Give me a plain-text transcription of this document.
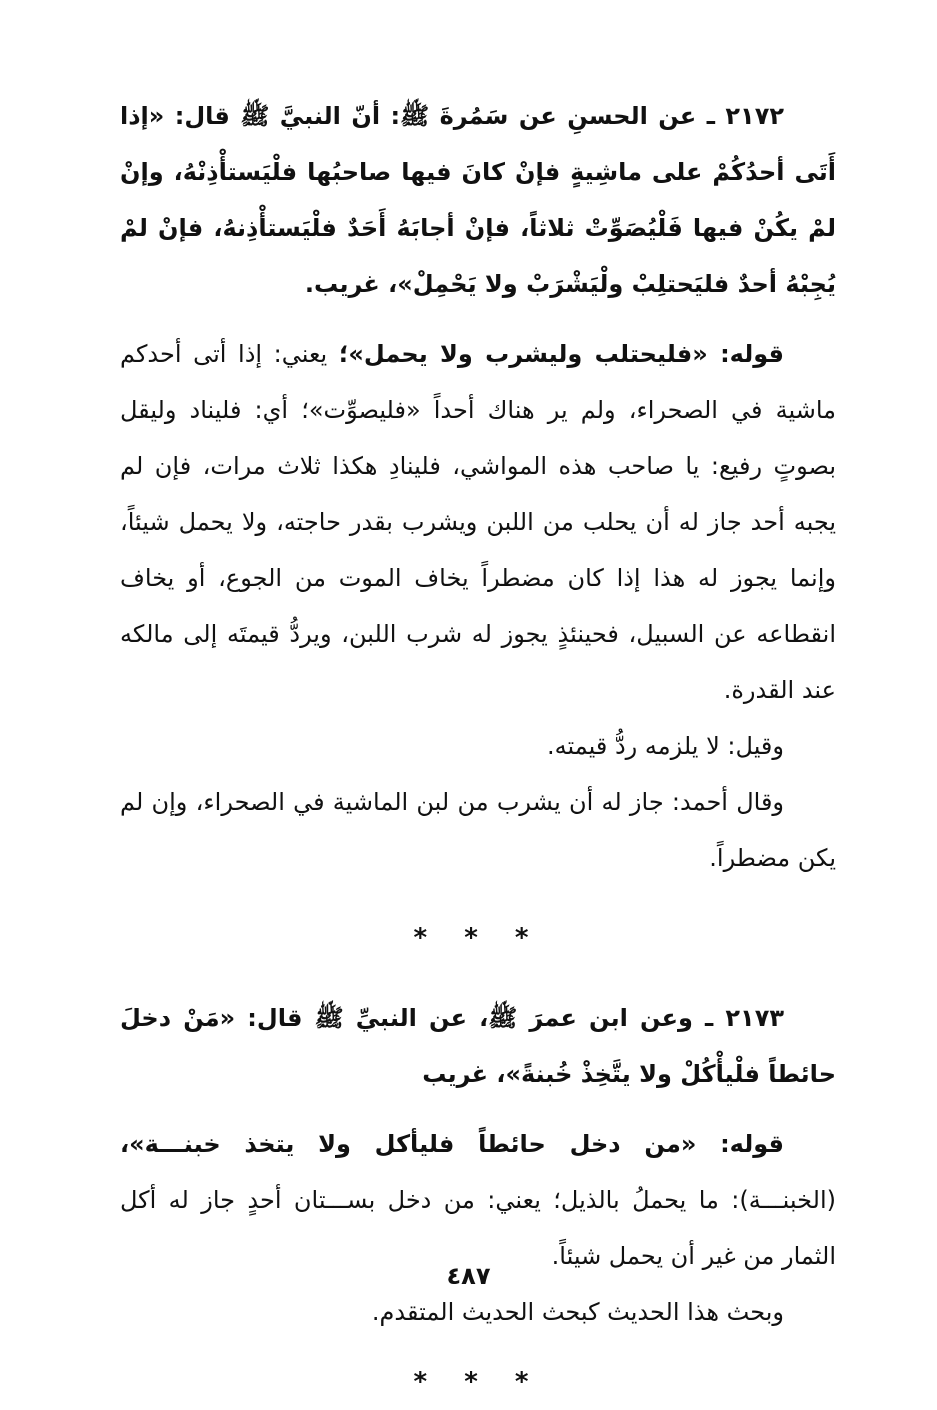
٢١٧٢ ـ عن الحسنِ عن سَمُرةَ ﷺ: أنّ النبيَّ ﷺ قال: «إذا أَتَى أحدُكُمْ على ماشِيةٍ فإنْ كانَ فيها صاحبُها فلْيَستأْذِنْهُ، وإنْ لمْ يكُنْ فيها فَلْيُصَوِّتْ ثلاثاً، فإنْ أجابَهُ أَحَدٌ فلْيَستأْذِنهُ، فإنْ لمْ يُجِبْهُ أحدٌ فليَحتلِبْ ولْيَشْرَبْ ولا يَحْمِلْ»، غريب.

قوله: «فليحتلب وليشرب ولا يحمل»؛ يعني: إذا أتى أحدكم ماشية في الصحراء، ولم ير هناك أحداً «فليصوِّت»؛ أي: فليناد وليقل بصوتٍ رفيع: يا صاحب هذه المواشي، فلينادِ هكذا ثلاث مرات، فإن لم يجبه أحد جاز له أن يحلب من اللبن ويشرب بقدر حاجته، ولا يحمل شيئاً، وإنما يجوز له هذا إذا كان مضطراً يخاف الموت من الجوع، أو يخاف انقطاعه عن السبيل، فحينئذٍ يجوز له شرب اللبن، ويردُّ قيمتَه إلى مالكه عند القدرة.

وقيل: لا يلزمه ردُّ قيمته.

وقال أحمد: جاز له أن يشرب من لبن الماشية في الصحراء، وإن لم يكن مضطراً.

* * *

٢١٧٣ ـ وعن ابن عمرَ ﷺ، عن النبيِّ ﷺ قال: «مَنْ دخلَ حائطاً فلْيأْكُلْ ولا يتَّخِذْ خُبنةً»، غريب

قوله: «من دخل حائطاً فليأكل ولا يتخذ خبنـــة»، (الخبنـــة): ما يحملُ بالذيل؛ يعني: من دخل بســـتان أحدٍ جاز له أكل الثمار من غير أن يحمل شيئاً.

وبحث هذا الحديث كبحث الحديث المتقدم.

* * *
٤٨٧
